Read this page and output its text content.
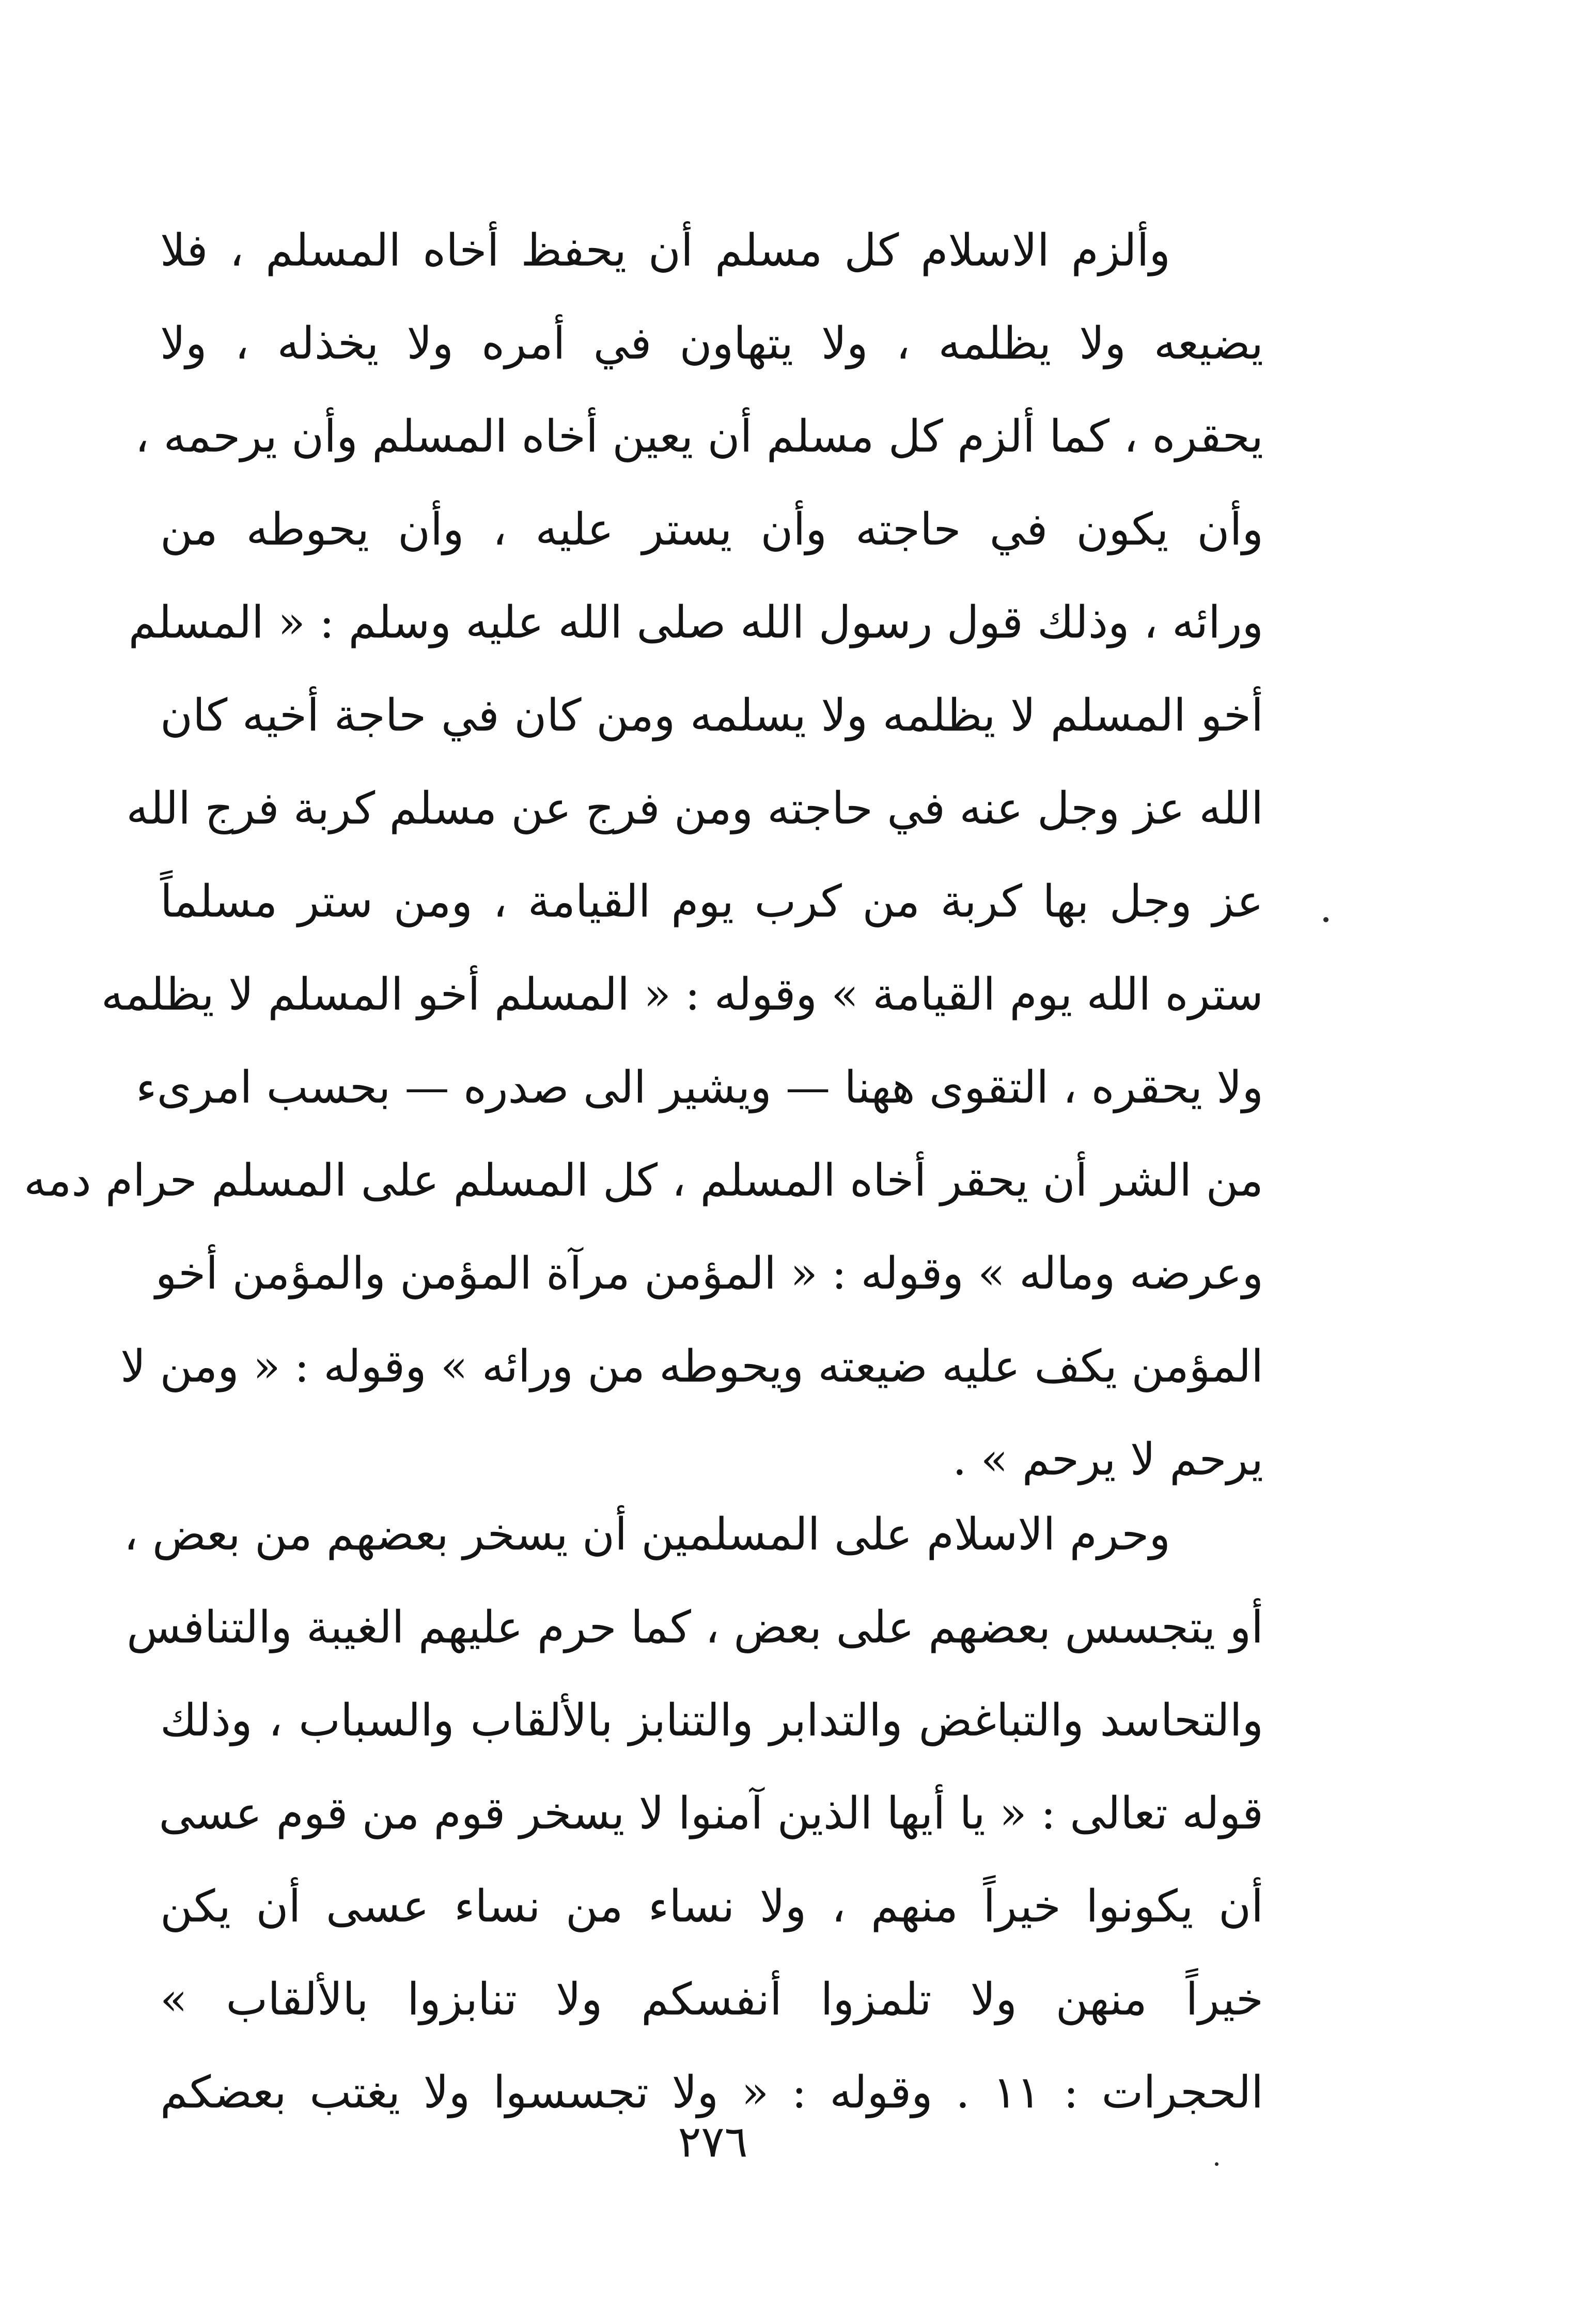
وألزم الاسلام كل مسلم أن يحفظ أخاه المسلم ، فلا
يضيعه ولا يظلمه ، ولا يتهاون في أمره ولا يخذله ، ولا
يحقره ، كما ألزم كل مسلم أن يعين أخاه المسلم وأن يرحمه ،
وأن يكون في حاجته وأن يستر عليه ، وأن يحوطه من
ورائه ، وذلك قول رسول الله صلى الله عليه وسلم : « المسلم
أخو المسلم لا يظلمه ولا يسلمه ومن كان في حاجة أخيه كان
الله عز وجل عنه في حاجته ومن فرج عن مسلم كربة فرج الله
عز وجل بها كربة من كرب يوم القيامة ، ومن ستر مسلماً
ستره الله يوم القيامة » وقوله : « المسلم أخو المسلم لا يظلمه
ولا يحقره ، التقوى ههنا — ويشير الى صدره — بحسب امرىء
من الشر أن يحقر أخاه المسلم ، كل المسلم على المسلم حرام دمه
وعرضه وماله » وقوله : « المؤمن مرآة المؤمن والمؤمن أخو
المؤمن يكف عليه ضيعته ويحوطه من ورائه » وقوله : « ومن لا
يرحم لا يرحم » .
وحرم الاسلام على المسلمين أن يسخر بعضهم من بعض ،
أو يتجسس بعضهم على بعض ، كما حرم عليهم الغيبة والتنافس
والتحاسد والتباغض والتدابر والتنابز بالألقاب والسباب ، وذلك
قوله تعالى : « يا أيها الذين آمنوا لا يسخر قوم من قوم عسى
أن يكونوا خيراً منهم ، ولا نساء من نساء عسى أن يكن
خيراً منهن ولا تلمزوا أنفسكم ولا تنابزوا بالألقاب »
الحجرات : ١١ . وقوله : « ولا تجسسوا ولا يغتب بعضكم
٢٧٦
